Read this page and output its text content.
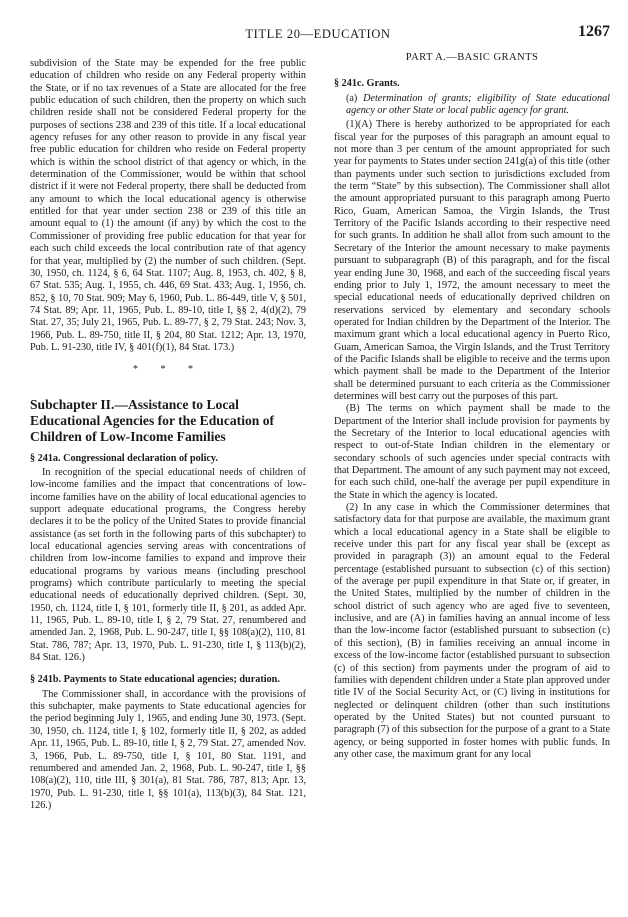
TITLE 20—EDUCATION	1267

subdivision of the State may be expended for the free public education of children who reside on any Federal property within the State, or if no tax revenues of a State are allocated for the free public education of such children, then the property on which such children reside shall not be considered Federal property for the purposes of sections 238 and 239 of this title. If a local educational agency refuses for any other reason to provide in any fiscal year free public education for children who reside on Federal property which is within the school district of that agency or which, in the determination of the Commissioner, would be within that school district if it were not Federal property, there shall be deducted from any amount to which the local educational agency is otherwise entitled for that year under section 238 or 239 of this title an amount equal to (1) the amount (if any) by which the cost to the Commissioner of providing free public education for that year for each such child exceeds the local contribution rate of that agency for that year, multiplied by (2) the number of such children. (Sept. 30, 1950, ch. 1124, § 6, 64 Stat. 1107; Aug. 8, 1953, ch. 402, § 8, 67 Stat. 535; Aug. 1, 1955, ch. 446, 69 Stat. 433; Aug. 1, 1956, ch. 852, § 10, 70 Stat. 909; May 6, 1960, Pub. L. 86-449, title V, § 501, 74 Stat. 89; Apr. 11, 1965, Pub. L. 89-10, title I, §§ 2, 4(d)(2), 79 Stat. 27, 35; July 21, 1965, Pub. L. 89-77, § 2, 79 Stat. 243; Nov. 3, 1966, Pub. L. 89-750, title II, § 204, 80 Stat. 1212; Apr. 13, 1970, Pub. L. 91-230, title IV, § 401(f)(1), 84 Stat. 173.)

* * *
Subchapter II.—Assistance to Local Educational Agencies for the Education of Children of Low-Income Families
§ 241a. Congressional declaration of policy.

In recognition of the special educational needs of children of low-income families and the impact that concentrations of low-income families have on the ability of local educational agencies to support adequate educational programs, the Congress hereby declares it to be the policy of the United States to provide financial assistance (as set forth in the following parts of this subchapter) to local educational agencies serving areas with concentrations of children from low-income families to expand and improve their educational programs by various means (including preschool programs) which contribute particularly to meeting the special educational needs of educationally deprived children. (Sept. 30, 1950, ch. 1124, title I, § 101, formerly title II, § 201, as added Apr. 11, 1965, Pub. L. 89-10, title I, § 2, 79 Stat. 27, renumbered and amended Jan. 2, 1968, Pub. L. 90-247, title I, §§ 108(a)(2), 110, 81 Stat. 786, 787; Apr. 13, 1970, Pub. L. 91-230, title I, § 113(b)(2), 84 Stat. 126.)

§ 241b. Payments to State educational agencies; duration.

The Commissioner shall, in accordance with the provisions of this subchapter, make payments to State educational agencies for the period beginning July 1, 1965, and ending June 30, 1973. (Sept. 30, 1950, ch. 1124, title I, § 102, formerly title II, § 202, as added Apr. 11, 1965, Pub. L. 89-10, title I, § 2, 79 Stat. 27, amended Nov. 3, 1966, Pub. L. 89-750, title I, § 101, 80 Stat. 1191, and renumbered and amended Jan. 2, 1968, Pub. L. 90-247, title I, §§ 108(a)(2), 110, title III, § 301(a), 81 Stat. 786, 787, 813; Apr. 13, 1970, Pub. L. 91-230, title I, §§ 101(a), 113(b)(3), 84 Stat. 121, 126.)

PART A.—BASIC GRANTS
§ 241c. Grants.

(a) Determination of grants; eligibility of State educational agency or other State or local public agency for grant.

(1)(A) There is hereby authorized to be appropriated for each fiscal year for the purposes of this paragraph an amount equal to not more than 3 per centum of the amount appropriated for such year for payments to States under section 241g(a) of this title (other than payments under such section to jurisdictions excluded from the term “State” by this subsection). The Commissioner shall allot the amount appropriated pursuant to this paragraph among Puerto Rico, Guam, American Samoa, the Virgin Islands, the Trust Territory of the Pacific Islands according to their respective need for such grants. In addition he shall allot from such amount to the Secretary of the Interior the amount necessary to make payments pursuant to subparagraph (B) of this paragraph, and for the fiscal year ending June 30, 1968, and each of the succeeding fiscal years ending prior to July 1, 1972, the amount necessary to meet the special educational needs of educationally deprived children on reservations serviced by elementary and secondary schools operated for Indian children by the Department of the Interior. The maximum grant which a local educational agency in Puerto Rico, Guam, American Samoa, the Virgin Islands, and the Trust Territory of the Pacific Islands shall be eligible to receive and the terms upon which payment shall be made to the Department of the Interior shall be determined pursuant to each criteria as the Commissioner determines will best carry out the purposes of this part.

(B) The terms on which payment shall be made to the Department of the Interior shall include provision for payments by the Secretary of the Interior to local educational agencies with respect to out-of-State Indian children in the elementary or secondary schools of such agencies under special contracts with that Department. The amount of any such payment may not exceed, for each such child, one-half the average per pupil expenditure in the State in which the agency is located.

(2) In any case in which the Commissioner determines that satisfactory data for that purpose are available, the maximum grant which a local educational agency in a State shall be eligible to receive under this part for any fiscal year shall be (except as provided in paragraph (3)) an amount equal to the Federal percentage (established pursuant to subsection (c) of this section) of the average per pupil expenditure in that State or, if greater, in the United States, multiplied by the number of children in the school district of such agency who are aged five to seventeen, inclusive, and are (A) in families having an annual income of less than the low-income factor (established pursuant to subsection (c) of this section), (B) in families receiving an annual income in excess of the low-income factor (established pursuant to subsection (c) of this section) from payments under the program of aid to families with dependent children under a State plan approved under title IV of the Social Security Act, or (C) living in institutions for neglected or delinquent children (other than such institutions operated by the United States) but not counted pursuant to paragraph (7) of this subsection for the purpose of a grant to a State agency, or being supported in foster homes with public funds. In any other case, the maximum grant for any local
